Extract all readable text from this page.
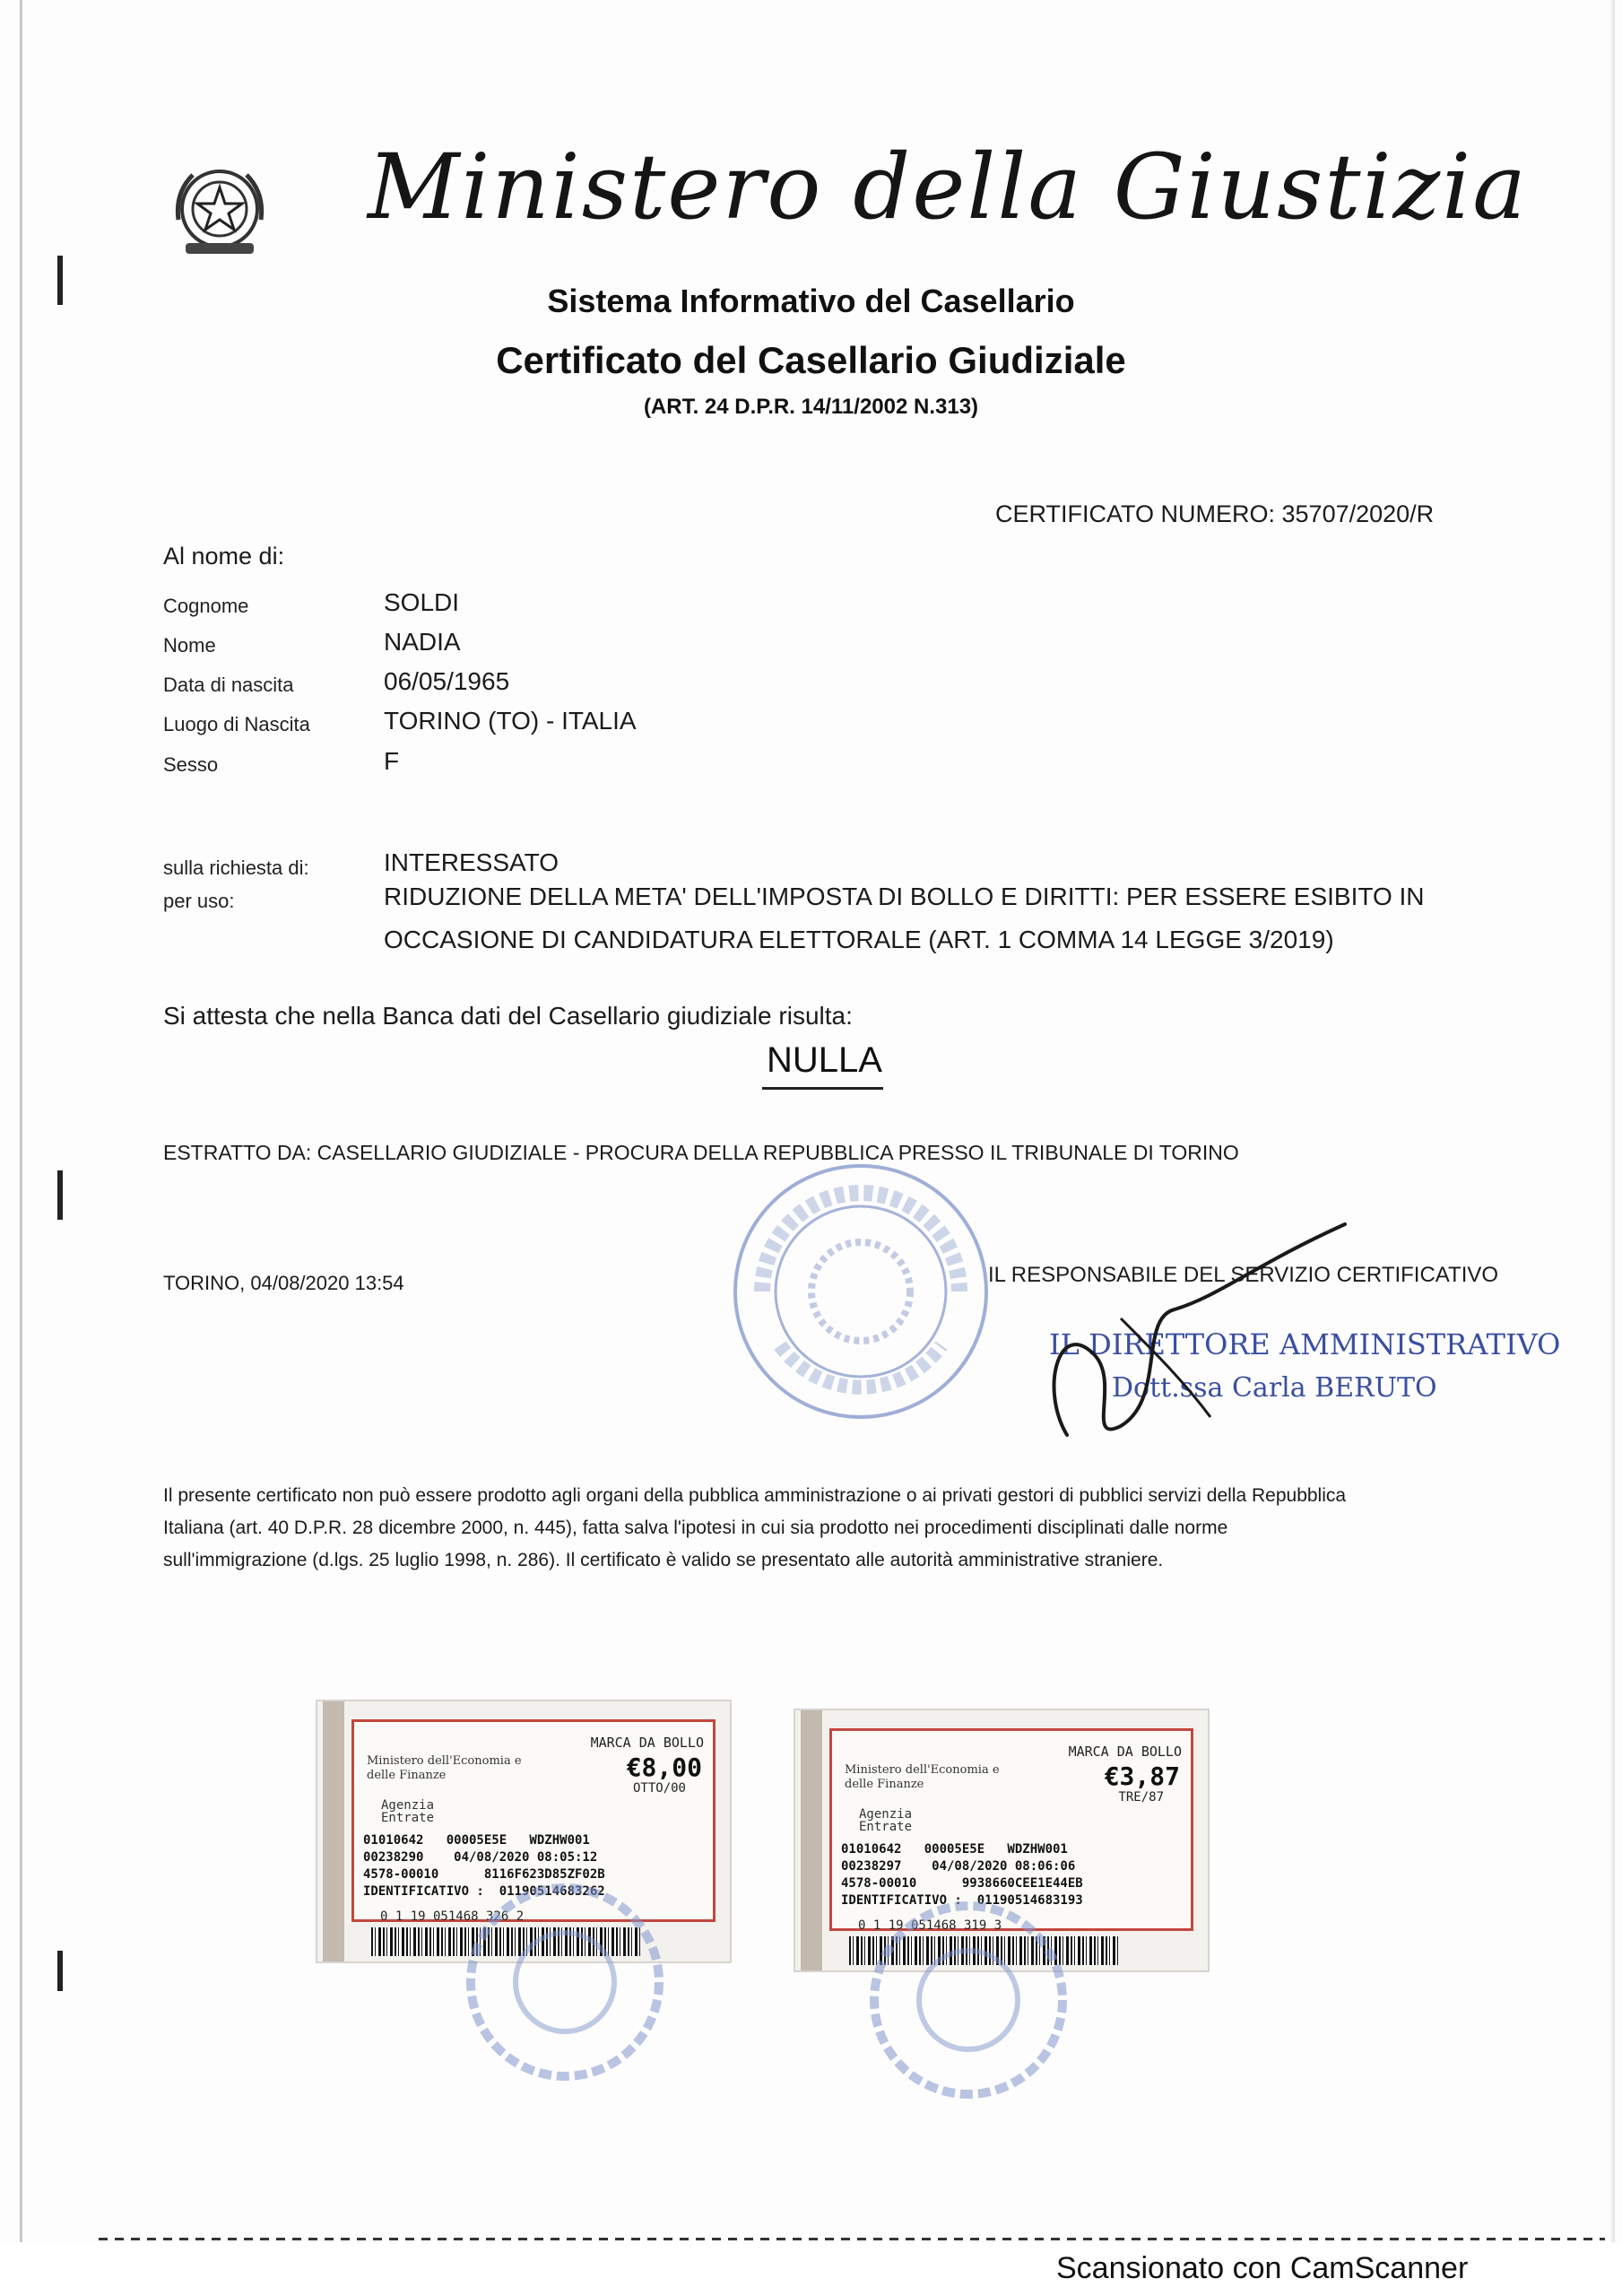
Ministero della Giustizia
Sistema Informativo del Casellario
Certificato del Casellario Giudiziale
(ART. 24 D.P.R. 14/11/2002 N.313)
CERTIFICATO NUMERO: 35707/2020/R
Al nome di:
Cognome	SOLDI
Nome	NADIA
Data di nascita	06/05/1965
Luogo di Nascita	TORINO (TO) - ITALIA
Sesso	F
sulla richiesta di:	INTERESSATO
per uso:	RIDUZIONE DELLA META' DELL'IMPOSTA DI BOLLO E DIRITTI: PER ESSERE ESIBITO IN
OCCASIONE DI CANDIDATURA ELETTORALE (ART. 1 COMMA 14 LEGGE 3/2019)
Si attesta che nella Banca dati del Casellario giudiziale risulta:
NULLA
ESTRATTO DA: CASELLARIO GIUDIZIALE - PROCURA DELLA REPUBBLICA PRESSO IL TRIBUNALE DI TORINO
TORINO, 04/08/2020 13:54	IL RESPONSABILE DEL SERVIZIO CERTIFICATIVO
IL DIRETTORE AMMINISTRATIVO
Dott.ssa Carla BERUTO
Il presente certificato non può essere prodotto agli organi della pubblica amministrazione o ai privati gestori di pubblici servizi della Repubblica
Italiana (art. 40 D.P.R. 28 dicembre 2000, n. 445), fatta salva l'ipotesi in cui sia prodotto nei procedimenti disciplinati dalle norme
sull'immigrazione (d.lgs. 25 luglio 1998, n. 286). Il certificato è valido se presentato alle autorità amministrative straniere.
Ministero dell'Economia e delle Finanze
MARCA DA BOLLO
€8,00
OTTO/00
Agenzia Entrate
01010642   00005E5E   WDZHW001
00238290    04/08/2020 08:05:12
4578-00010      8116F623D85ZF02B
IDENTIFICATIVO :  01190514683262
0 1 19 051468 326 2
Ministero dell'Economia e delle Finanze
MARCA DA BOLLO
€3,87
TRE/87
Agenzia Entrate
01010642   00005E5E   WDZHW001
00238297    04/08/2020 08:06:06
4578-00010      9938660CEE1E44EB
IDENTIFICATIVO :  01190514683193
0 1 19 051468 319 3
Scansionato con CamScanner
